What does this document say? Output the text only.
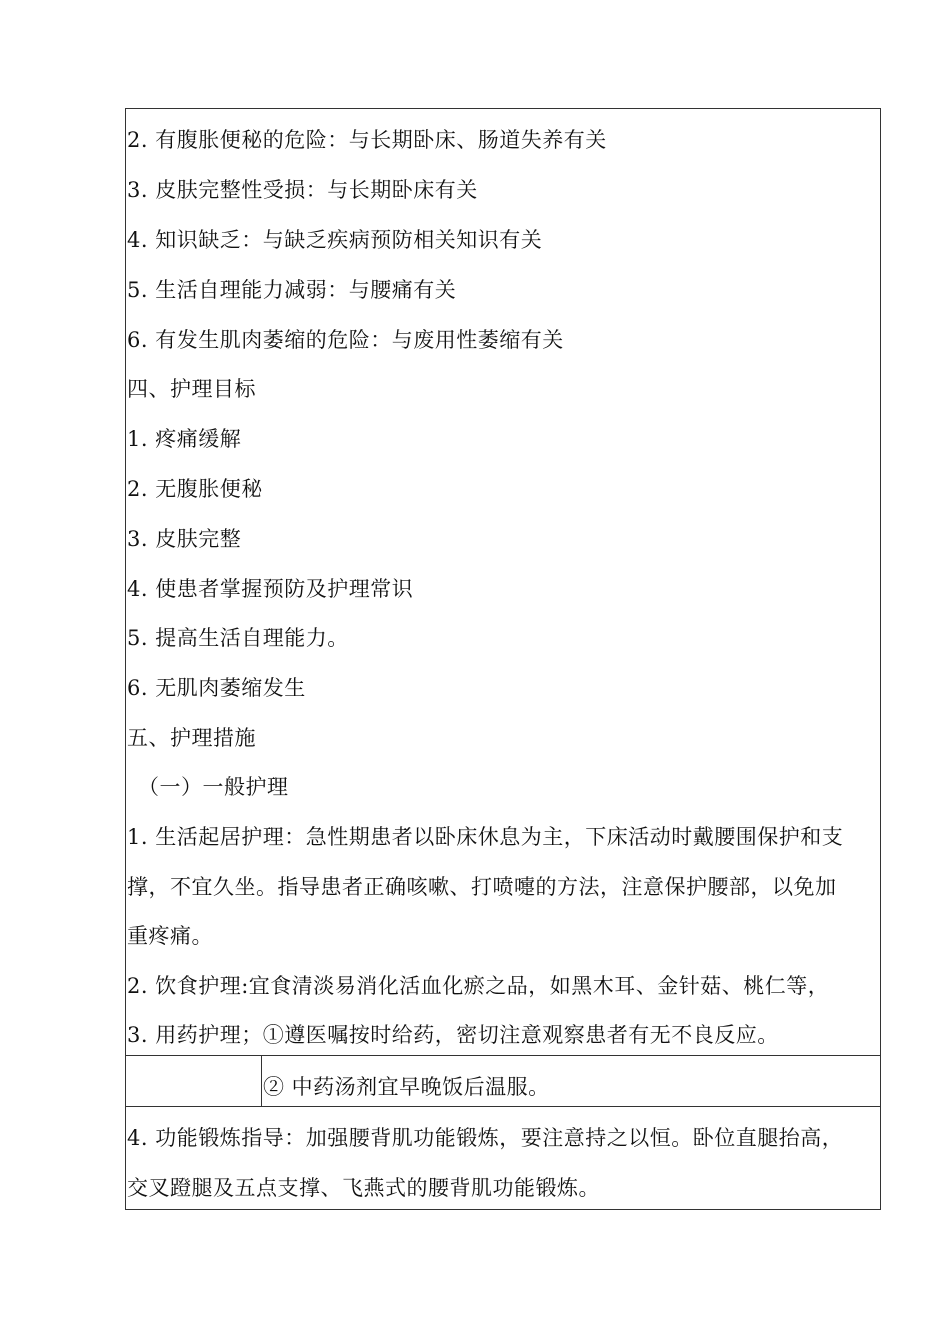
2. 有腹胀便秘的危险：与长期卧床、肠道失养有关
3. 皮肤完整性受损：与长期卧床有关
4. 知识缺乏：与缺乏疾病预防相关知识有关
5. 生活自理能力减弱：与腰痛有关
6. 有发生肌肉萎缩的危险：与废用性萎缩有关
四、护理目标
1. 疼痛缓解
2. 无腹胀便秘
3. 皮肤完整
4. 使患者掌握预防及护理常识
5. 提高生活自理能力。
6. 无肌肉萎缩发生
五、护理措施
（一）一般护理
1. 生活起居护理：急性期患者以卧床休息为主，下床活动时戴腰围保护和支
撑，不宜久坐。指导患者正确咳嗽、打喷嚏的方法，注意保护腰部，以免加
重疼痛。
2. 饮食护理:宜食清淡易消化活血化瘀之品，如黑木耳、金针菇、桃仁等，
3. 用药护理；①遵医嘱按时给药，密切注意观察患者有无不良反应。
② 中药汤剂宜早晚饭后温服。
4. 功能锻炼指导：加强腰背肌功能锻炼，要注意持之以恒。卧位直腿抬高，
交叉蹬腿及五点支撑、飞燕式的腰背肌功能锻炼。
